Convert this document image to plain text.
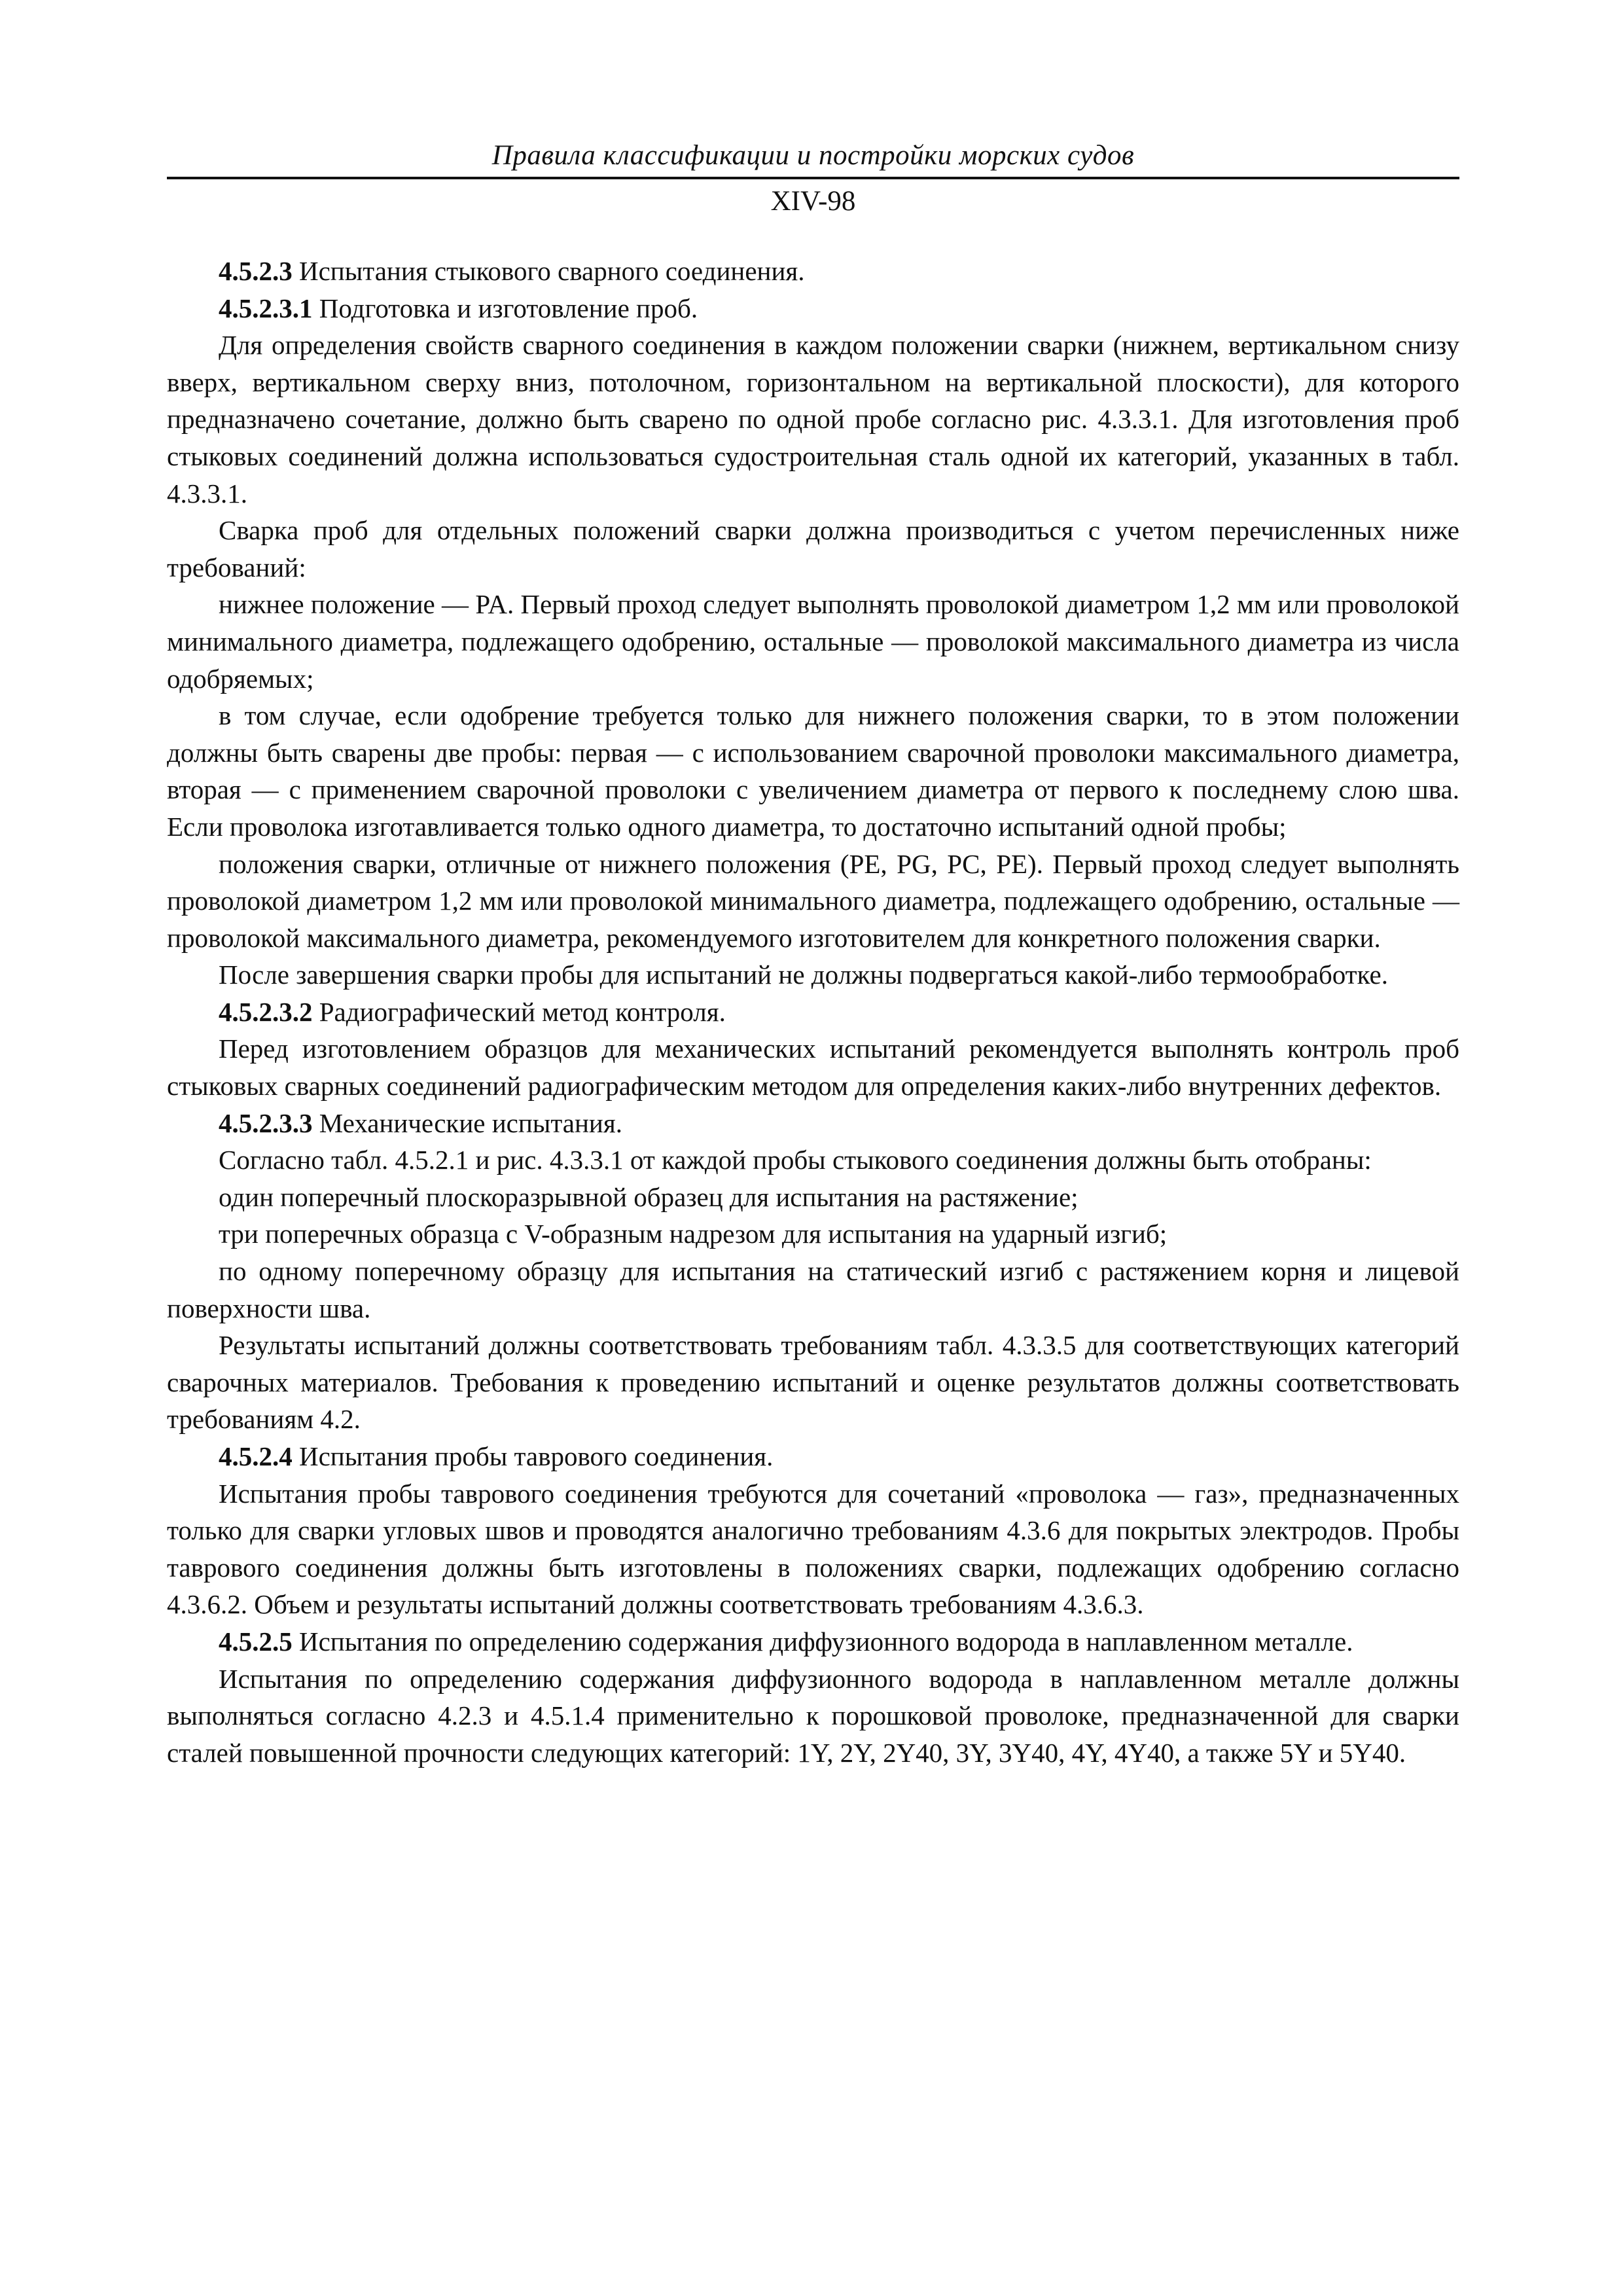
Правила классификации и постройки морских судов
XIV-98

4.5.2.3 Испытания стыкового сварного соединения.

4.5.2.3.1 Подготовка и изготовление проб.

Для определения свойств сварного соединения в каждом положении сварки (нижнем, вертикальном снизу вверх, вертикальном сверху вниз, потолочном, горизонтальном на вертикальной плоскости), для которого предназначено сочетание, должно быть сварено по одной пробе согласно рис. 4.3.3.1. Для изготовления проб стыковых соединений должна использоваться судостроительная сталь одной их категорий, указанных в табл. 4.3.3.1.

Сварка проб для отдельных положений сварки должна производиться с учетом перечисленных ниже требований:

нижнее положение — PA. Первый проход следует выполнять проволокой диаметром 1,2 мм или проволокой минимального диаметра, подлежащего одобрению, остальные — проволокой максимального диаметра из числа одобряемых;

в том случае, если одобрение требуется только для нижнего положения сварки, то в этом положении должны быть сварены две пробы: первая — с использованием сварочной проволоки максимального диаметра, вторая — с применением сварочной проволоки с увеличением диаметра от первого к последнему слою шва. Если проволока изготавливается только одного диаметра, то достаточно испытаний одной пробы;

положения сварки, отличные от нижнего положения (PE, PG, PC, PE). Первый проход следует выполнять проволокой диаметром 1,2 мм или проволокой минимального диаметра, подлежащего одобрению, остальные — проволокой максимального диаметра, рекомендуемого изготовителем для конкретного положения сварки.

После завершения сварки пробы для испытаний не должны подвергаться какой-либо термообработке.

4.5.2.3.2 Радиографический метод контроля.

Перед изготовлением образцов для механических испытаний рекомендуется выполнять контроль проб стыковых сварных соединений радиографическим методом для определения каких-либо внутренних дефектов.

4.5.2.3.3 Механические испытания.

Согласно табл. 4.5.2.1 и рис. 4.3.3.1 от каждой пробы стыкового соединения должны быть отобраны:

один поперечный плоскоразрывной образец для испытания на растяжение;

три поперечных образца с V-образным надрезом для испытания на ударный изгиб;

по одному поперечному образцу для испытания на статический изгиб с растяжением корня и лицевой поверхности шва.

Результаты испытаний должны соответствовать требованиям табл. 4.3.3.5 для соответствующих категорий сварочных материалов. Требования к проведению испытаний и оценке результатов должны соответствовать требованиям 4.2.

4.5.2.4 Испытания пробы таврового соединения.

Испытания пробы таврового соединения требуются для сочетаний «проволока — газ», предназначенных только для сварки угловых швов и проводятся аналогично требованиям 4.3.6 для покрытых электродов. Пробы таврового соединения должны быть изготовлены в положениях сварки, подлежащих одобрению согласно 4.3.6.2. Объем и результаты испытаний должны соответствовать требованиям 4.3.6.3.

4.5.2.5 Испытания по определению содержания диффузионного водорода в наплавленном металле.

Испытания по определению содержания диффузионного водорода в наплавленном металле должны выполняться согласно 4.2.3 и 4.5.1.4 применительно к порошковой проволоке, предназначенной для сварки сталей повышенной прочности следующих категорий: 1Y, 2Y, 2Y40, 3Y, 3Y40, 4Y, 4Y40, а также 5Y и 5Y40.
